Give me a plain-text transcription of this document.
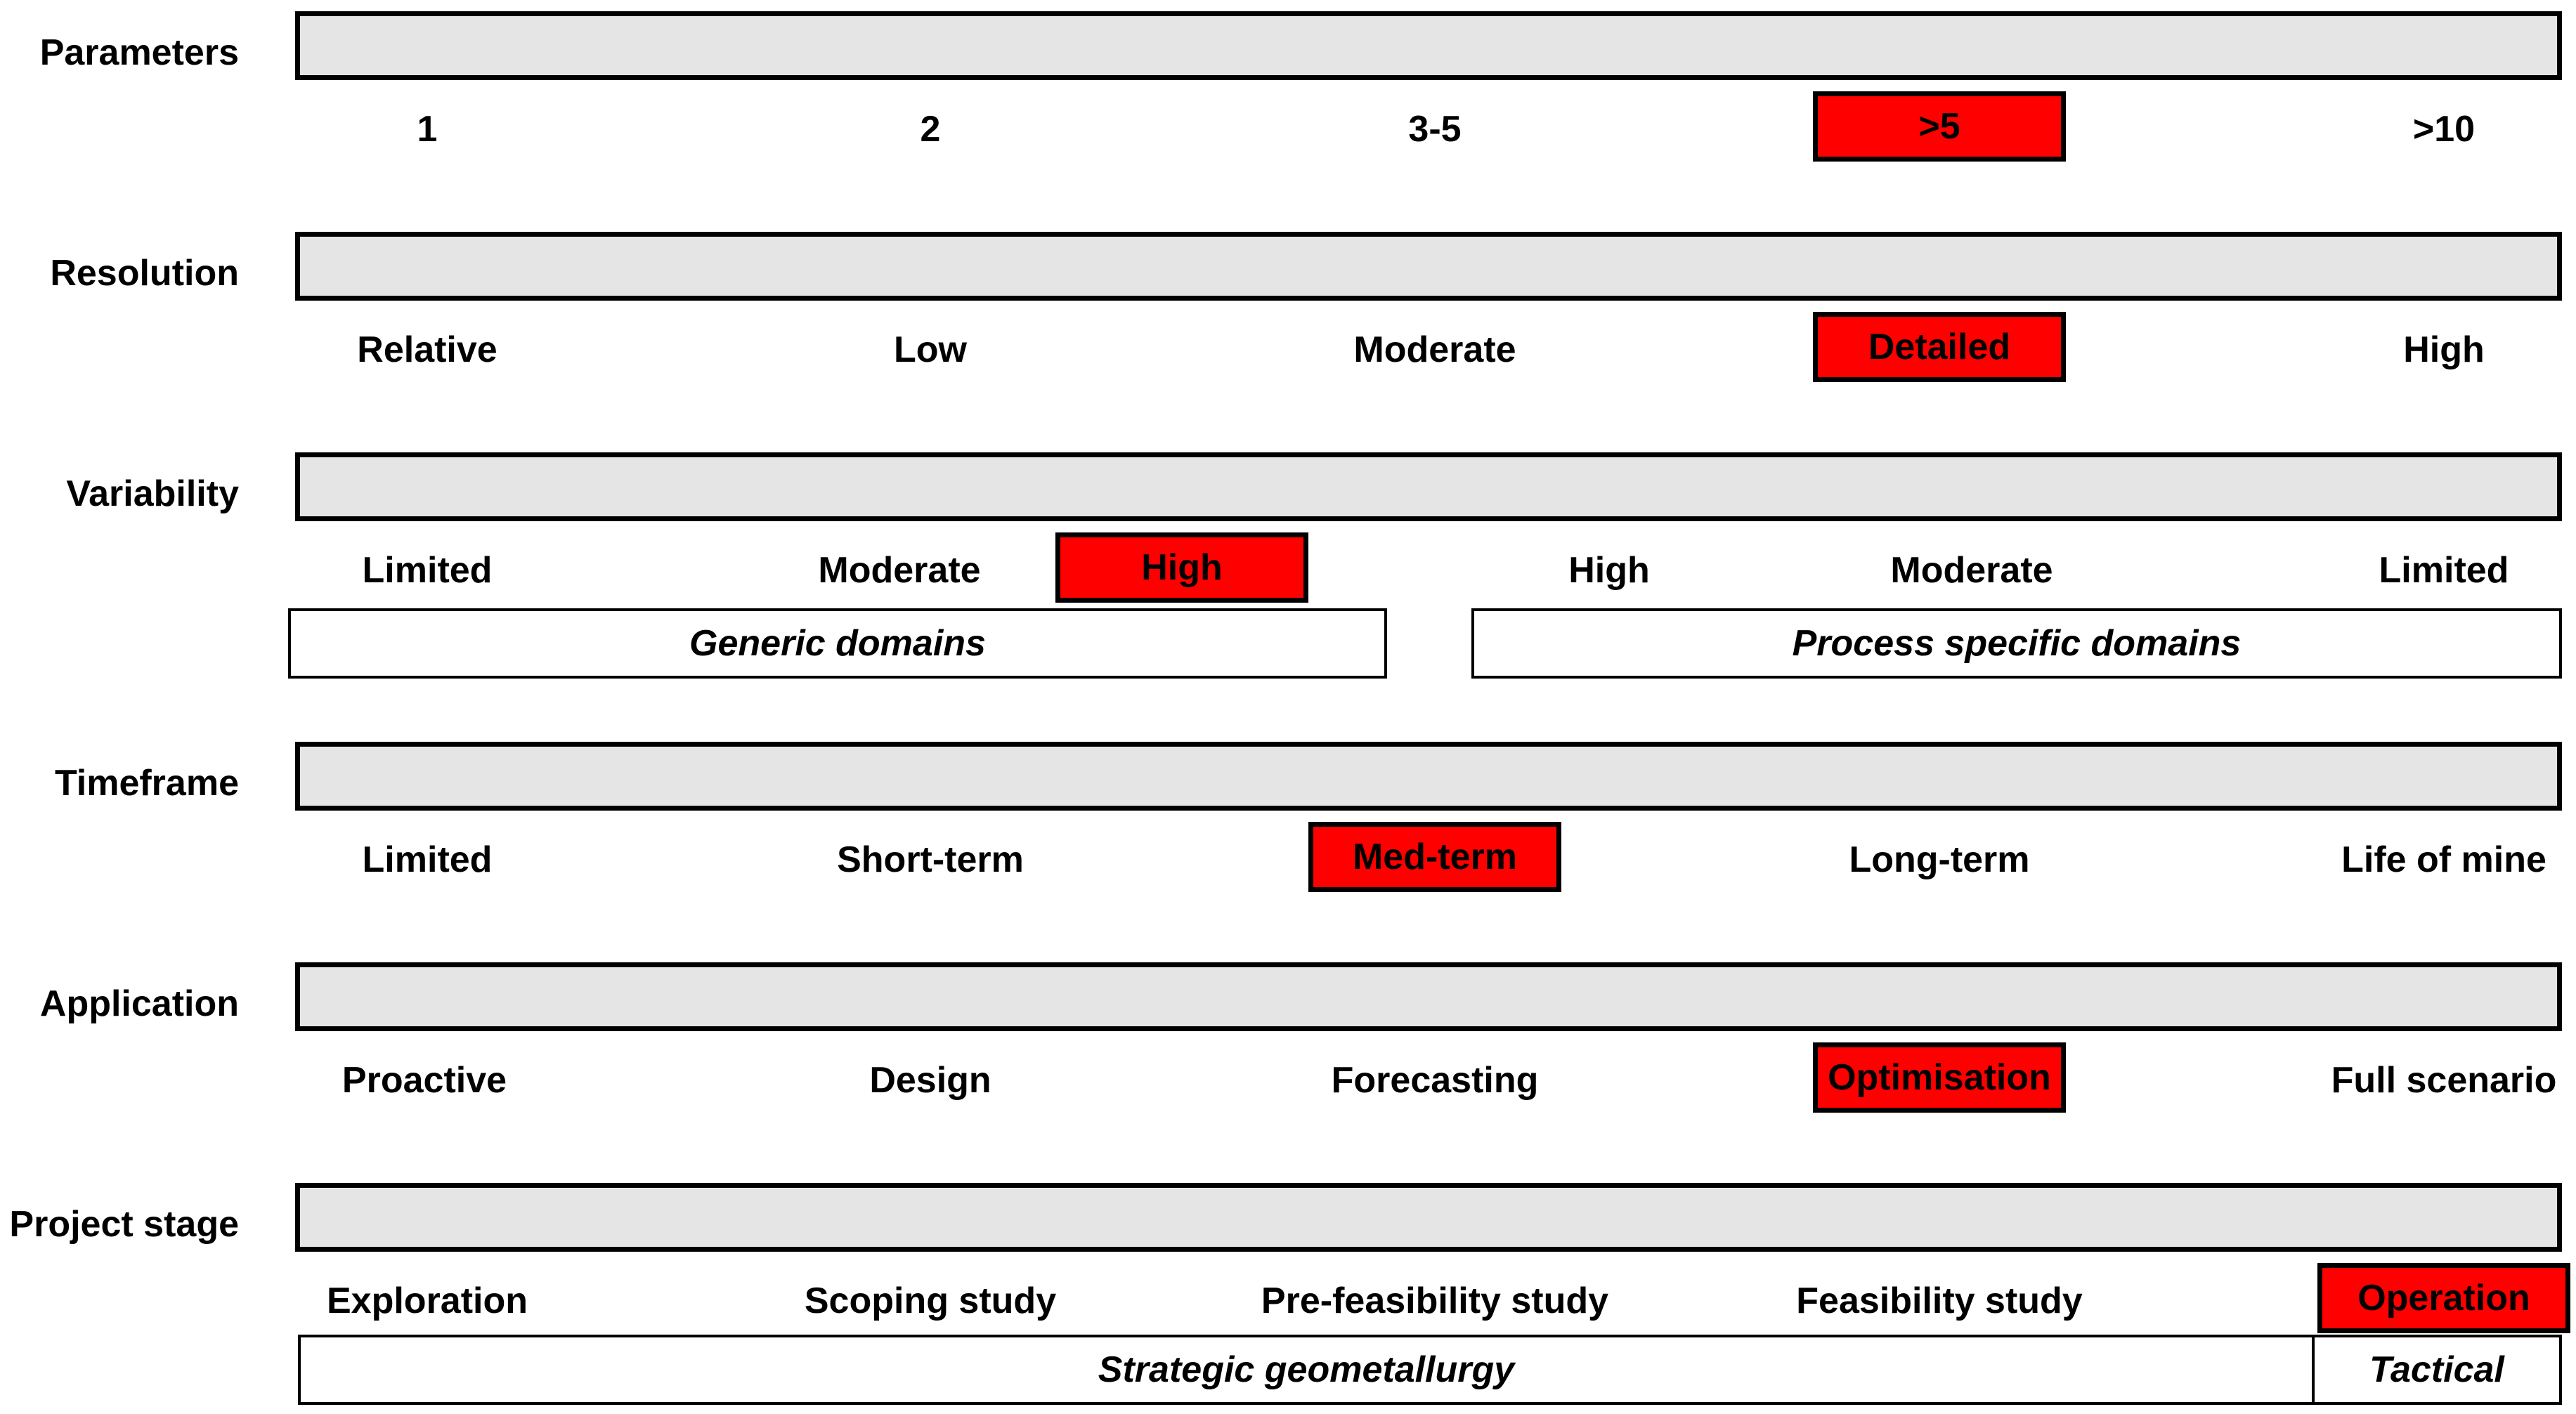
Parameters
1	2	3-5	>5	>10
Resolution
Relative	Low	Moderate	Detailed	High
Variability
Limited	Moderate	High	High	Moderate	Limited
Generic domains	Process specific domains
Timeframe
Limited	Short-term	Med-term	Long-term	Life of mine
Application
Proactive	Design	Forecasting	Optimisation	Full scenario
Project stage
Exploration	Scoping study	Pre-feasibility study	Feasibility study	Operation
Strategic geometallurgy	Tactical
